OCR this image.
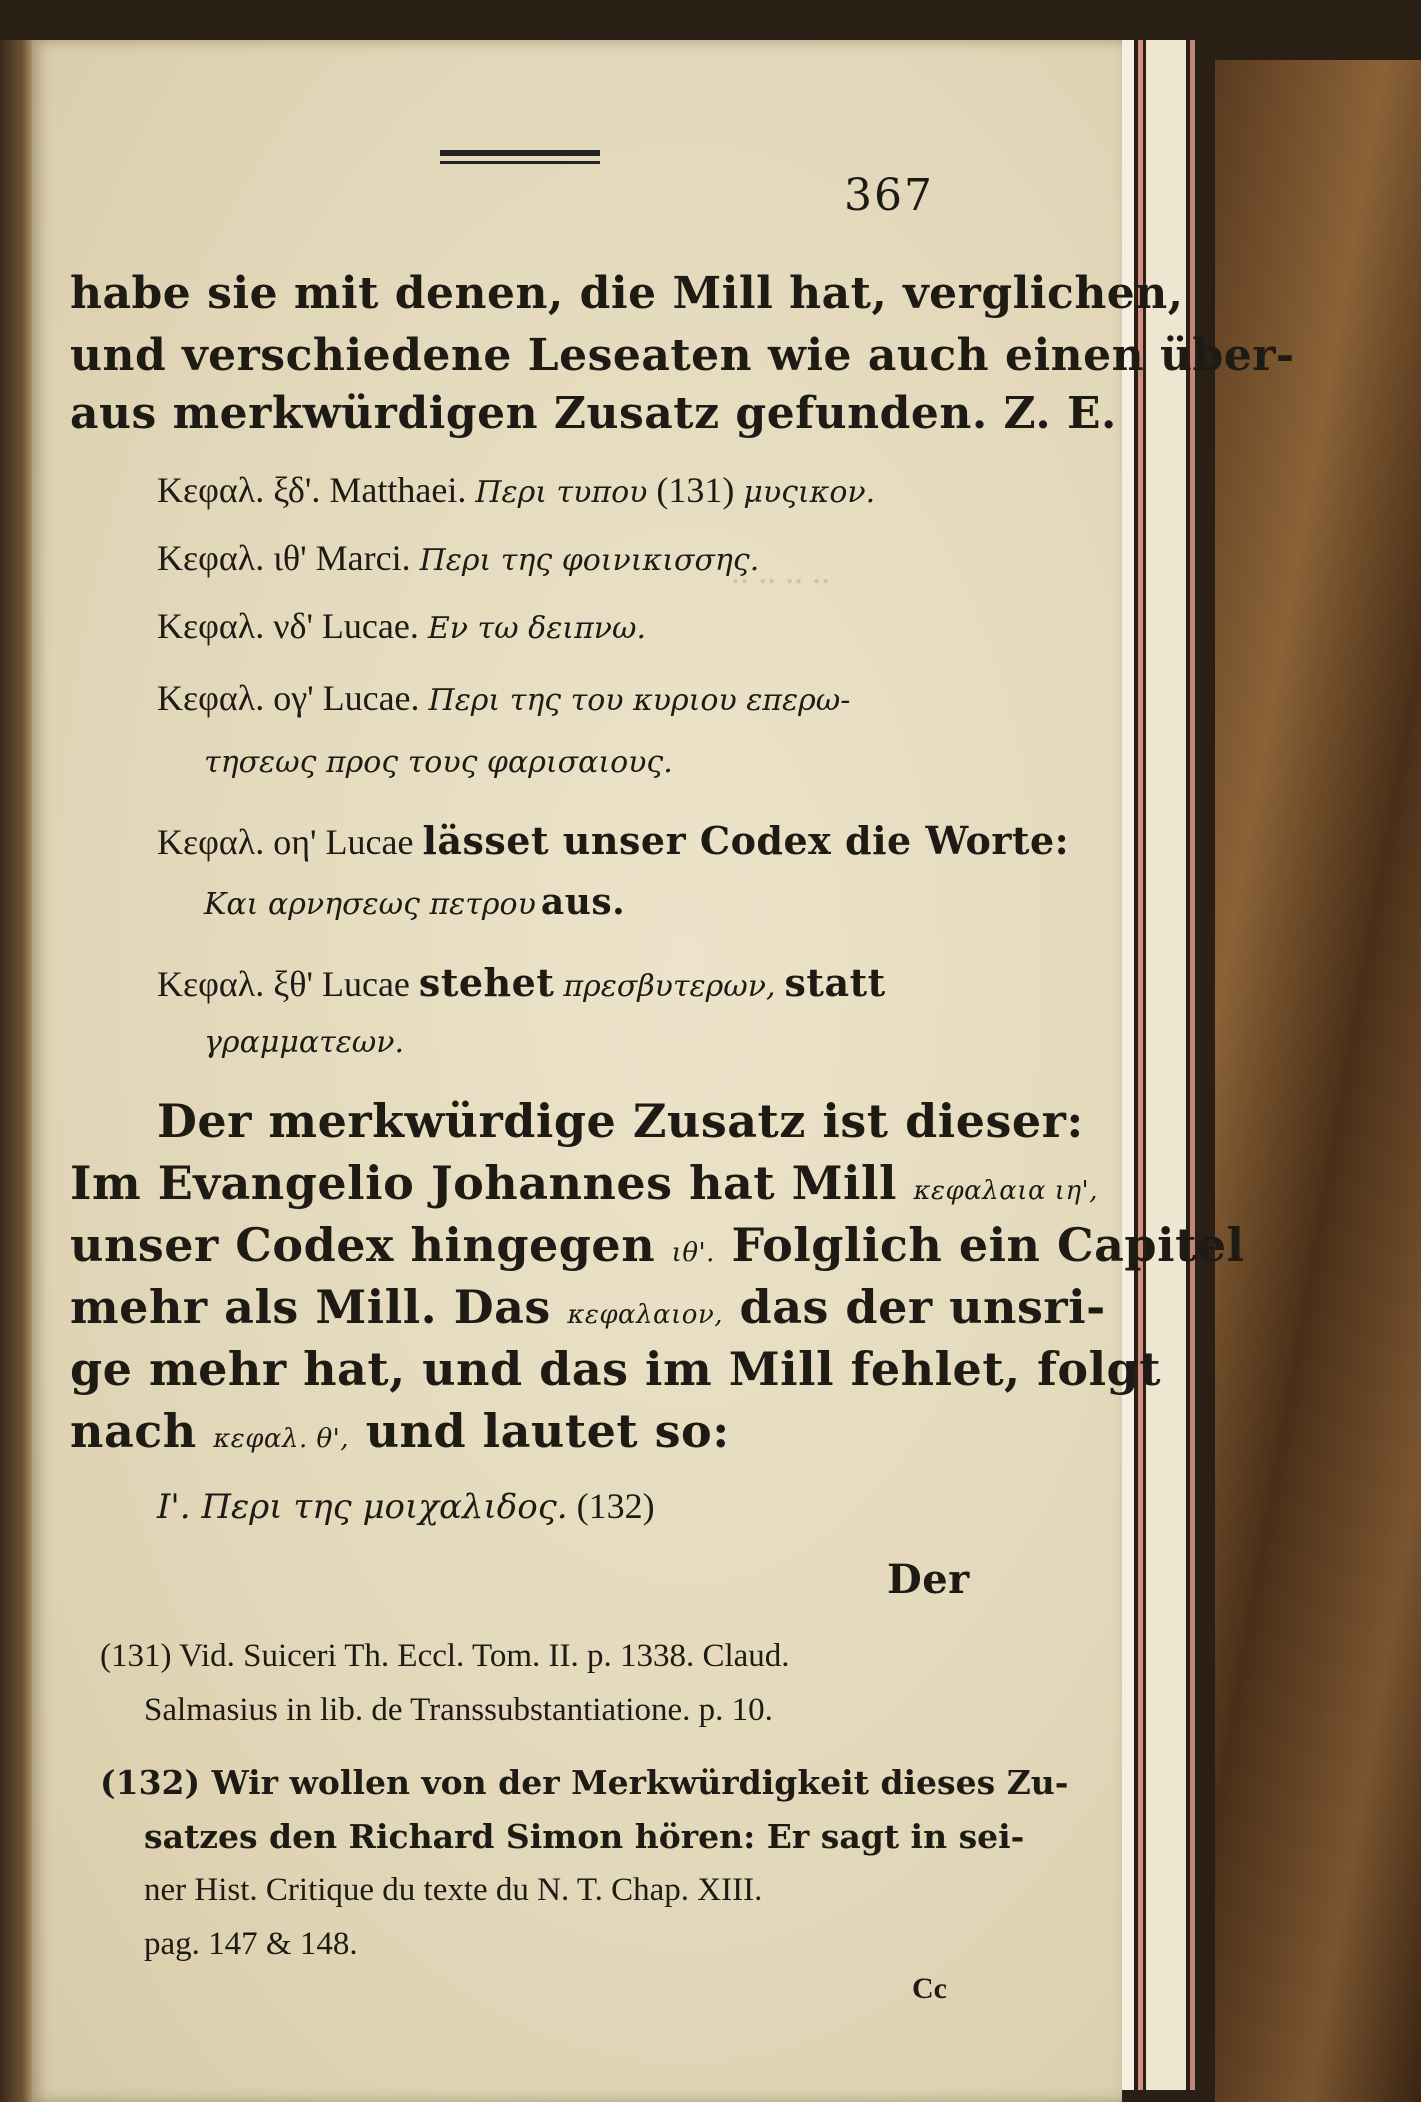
367
.. .. .. ..
habe sie mit denen, die Mill hat, verglichen,
und verschiedene Leseaten wie auch einen über-
aus merkwürdigen Zusatz gefunden. Z. E.
Κεφαλ. ξδ'. Matthaei. Περι τυπου (131) μυςικον.
Κεφαλ. ιθ' Marci. Περι της φοινικισσης.
Κεφαλ. νδ' Lucae. Εν τω δειπνω.
Κεφαλ. ογ' Lucae. Περι της του κυριου επερω-
τησεως προς τους φαρισαιους.
Κεφαλ. οη' Lucae lässet unser Codex die Worte:
Και αρνησεως πετρου aus.
Κεφαλ. ξθ' Lucae stehet πρεσβυτερων, statt
γραμματεων.
Der merkwürdige Zusatz ist dieser:
Im Evangelio Johannes hat Mill κεφαλαια ιη',
unser Codex hingegen ιθ'. Folglich ein Capitel
mehr als Mill. Das κεφαλαιον, das der unsri-
ge mehr hat, und das im Mill fehlet, folgt
nach κεφαλ. θ', und lautet so:
Ι'. Περι της μοιχαλιδος. (132)
Der
(131) Vid. Suiceri Th. Eccl. Tom. II. p. 1338. Claud.
Salmasius in lib. de Transsubstantiatione. p. 10.
(132) Wir wollen von der Merkwürdigkeit dieses Zu-
satzes den Richard Simon hören: Er sagt in sei-
ner Hist. Critique du texte du N. T. Chap. XIII.
pag. 147 & 148.
Cc
